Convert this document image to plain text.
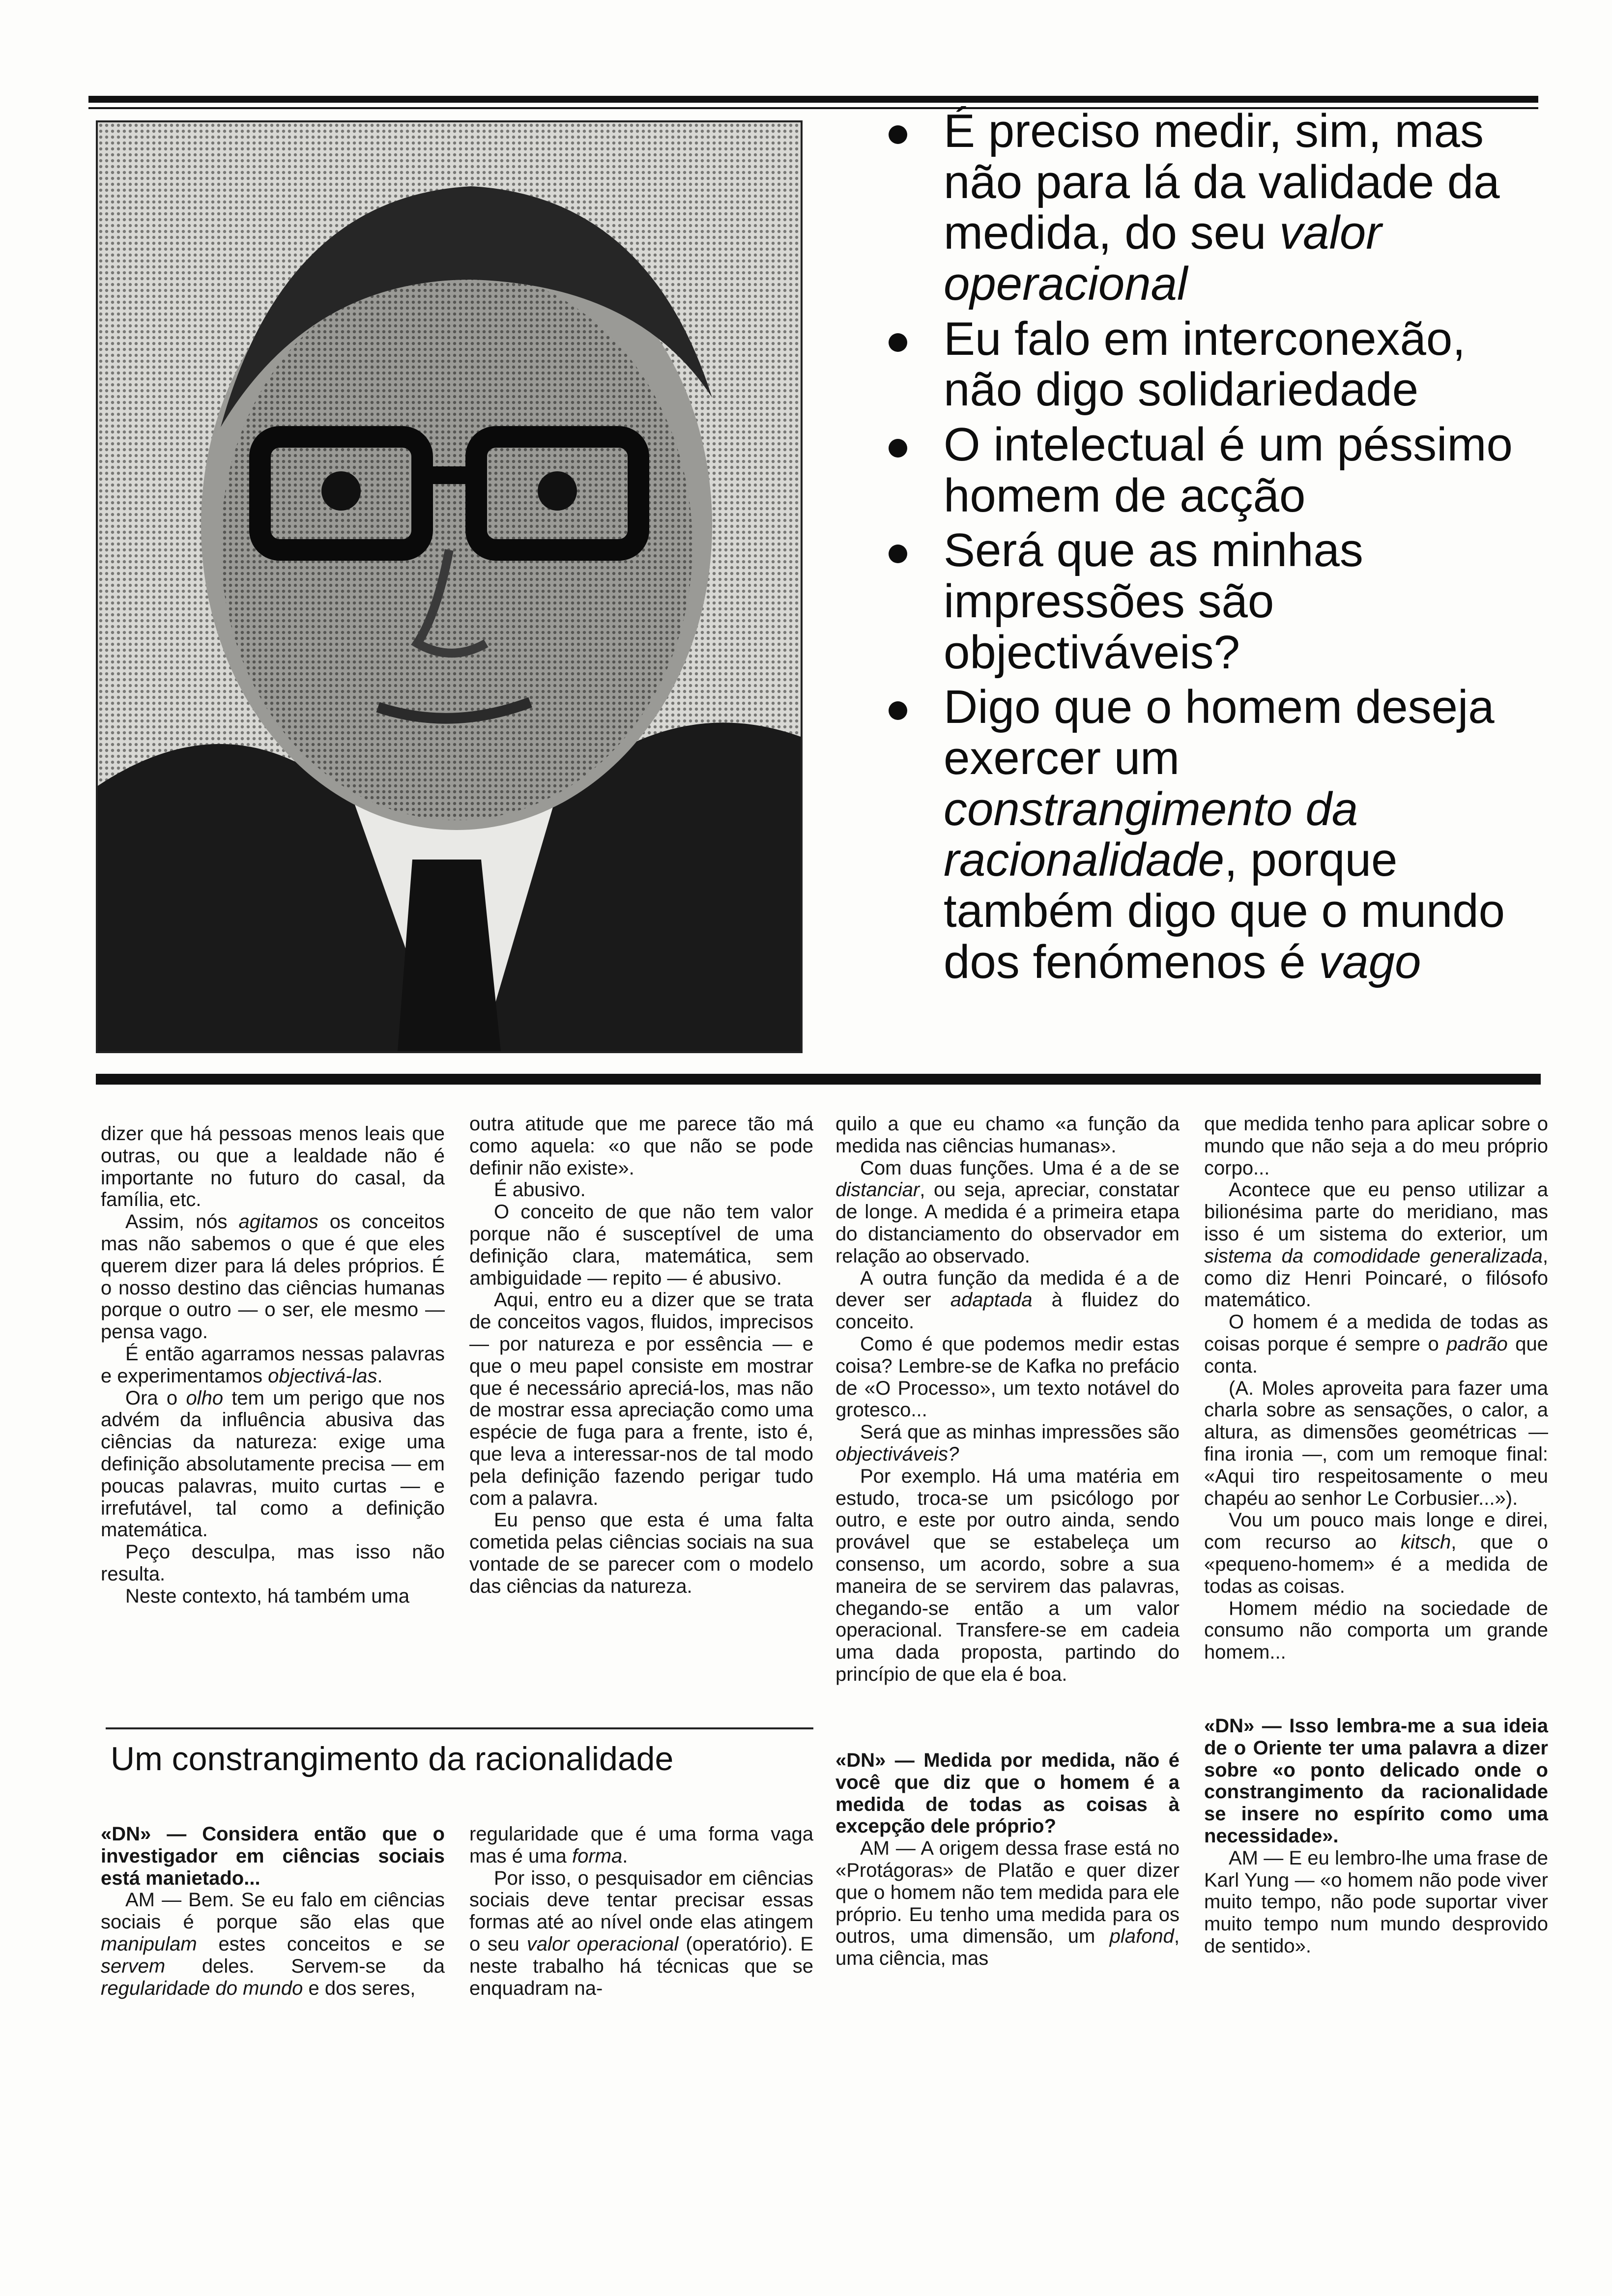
É preciso medir, sim, mas não para lá da validade da medida, do seu valor operacional
Eu falo em interconexão, não digo solidariedade
O intelectual é um péssimo homem de acção
Será que as minhas impressões são objectiváveis?
Digo que o homem deseja exercer um constrangimento da racionalidade, porque também digo que o mundo dos fenómenos é vago

dizer que há pessoas menos leais que outras, ou que a lealdade não é importante no futuro do casal, da família, etc.

Assim, nós agitamos os conceitos mas não sabemos o que é que eles querem dizer para lá deles próprios. É o nosso destino das ciências humanas porque o outro — o ser, ele mesmo — pensa vago.

É então agarramos nessas palavras e experimentamos objectivá-las.

Ora o olho tem um perigo que nos advém da influência abusiva das ciências da natureza: exige uma definição absolutamente precisa — em poucas palavras, muito curtas — e irrefutável, tal como a definição matemática.

Peço desculpa, mas isso não resulta.

Neste contexto, há também uma

outra atitude que me parece tão má como aquela: «o que não se pode definir não existe».

É abusivo.

O conceito de que não tem valor porque não é susceptível de uma definição clara, matemática, sem ambiguidade — repito — é abusivo.

Aqui, entro eu a dizer que se trata de conceitos vagos, fluidos, imprecisos — por natureza e por essência — e que o meu papel consiste em mostrar que é necessário apreciá-los, mas não de mostrar essa apreciação como uma espécie de fuga para a frente, isto é, que leva a interessar-nos de tal modo pela definição fazendo perigar tudo com a palavra.

Eu penso que esta é uma falta cometida pelas ciências sociais na sua vontade de se parecer com o modelo das ciências da natureza.

quilo a que eu chamo «a função da medida nas ciências humanas».

Com duas funções. Uma é a de se distanciar, ou seja, apreciar, constatar de longe. A medida é a primeira etapa do distanciamento do observador em relação ao observado.

A outra função da medida é a de dever ser adaptada à fluidez do conceito.

Como é que podemos medir estas coisa? Lembre-se de Kafka no prefácio de «O Processo», um texto notável do grotesco...

Será que as minhas impressões são objectiváveis?

Por exemplo. Há uma matéria em estudo, troca-se um psicólogo por outro, e este por outro ainda, sendo provável que se estabeleça um consenso, um acordo, sobre a sua maneira de se servirem das palavras, chegando-se então a um valor operacional. Transfere-se em cadeia uma dada proposta, partindo do princípio de que ela é boa.

que medida tenho para aplicar sobre o mundo que não seja a do meu próprio corpo...

Acontece que eu penso utilizar a bilionésima parte do meridiano, mas isso é um sistema do exterior, um sistema da comodidade generalizada, como diz Henri Poincaré, o filósofo matemático.

O homem é a medida de todas as coisas porque é sempre o padrão que conta.

(A. Moles aproveita para fazer uma charla sobre as sensações, o calor, a altura, as dimensões geométricas — fina ironia —, com um remoque final: «Aqui tiro respeitosamente o meu chapéu ao senhor Le Corbusier...»).

Vou um pouco mais longe e direi, com recurso ao kitsch, que o «pequeno-homem» é a medida de todas as coisas.

Homem médio na sociedade de consumo não comporta um grande homem...

Um constrangimento da racionalidade

«DN» — Considera então que o investigador em ciências sociais está manietado...

AM — Bem. Se eu falo em ciências sociais é porque são elas que manipulam estes conceitos e se servem deles. Servem-se da regularidade do mundo e dos seres,

regularidade que é uma forma vaga mas é uma forma.

Por isso, o pesquisador em ciências sociais deve tentar precisar essas formas até ao nível onde elas atingem o seu valor operacional (operatório). E neste trabalho há técnicas que se enquadram na-

«DN» — Medida por medida, não é você que diz que o homem é a medida de todas as coisas à excepção dele próprio?

AM — A origem dessa frase está no «Protágoras» de Platão e quer dizer que o homem não tem medida para ele próprio. Eu tenho uma medida para os outros, uma dimensão, um plafond, uma ciência, mas

«DN» — Isso lembra-me a sua ideia de o Oriente ter uma palavra a dizer sobre «o ponto delicado onde o constrangimento da racionalidade se insere no espírito como uma necessidade».

AM — E eu lembro-lhe uma frase de Karl Yung — «o homem não pode viver muito tempo, não pode suportar viver muito tempo num mundo desprovido de sentido».
